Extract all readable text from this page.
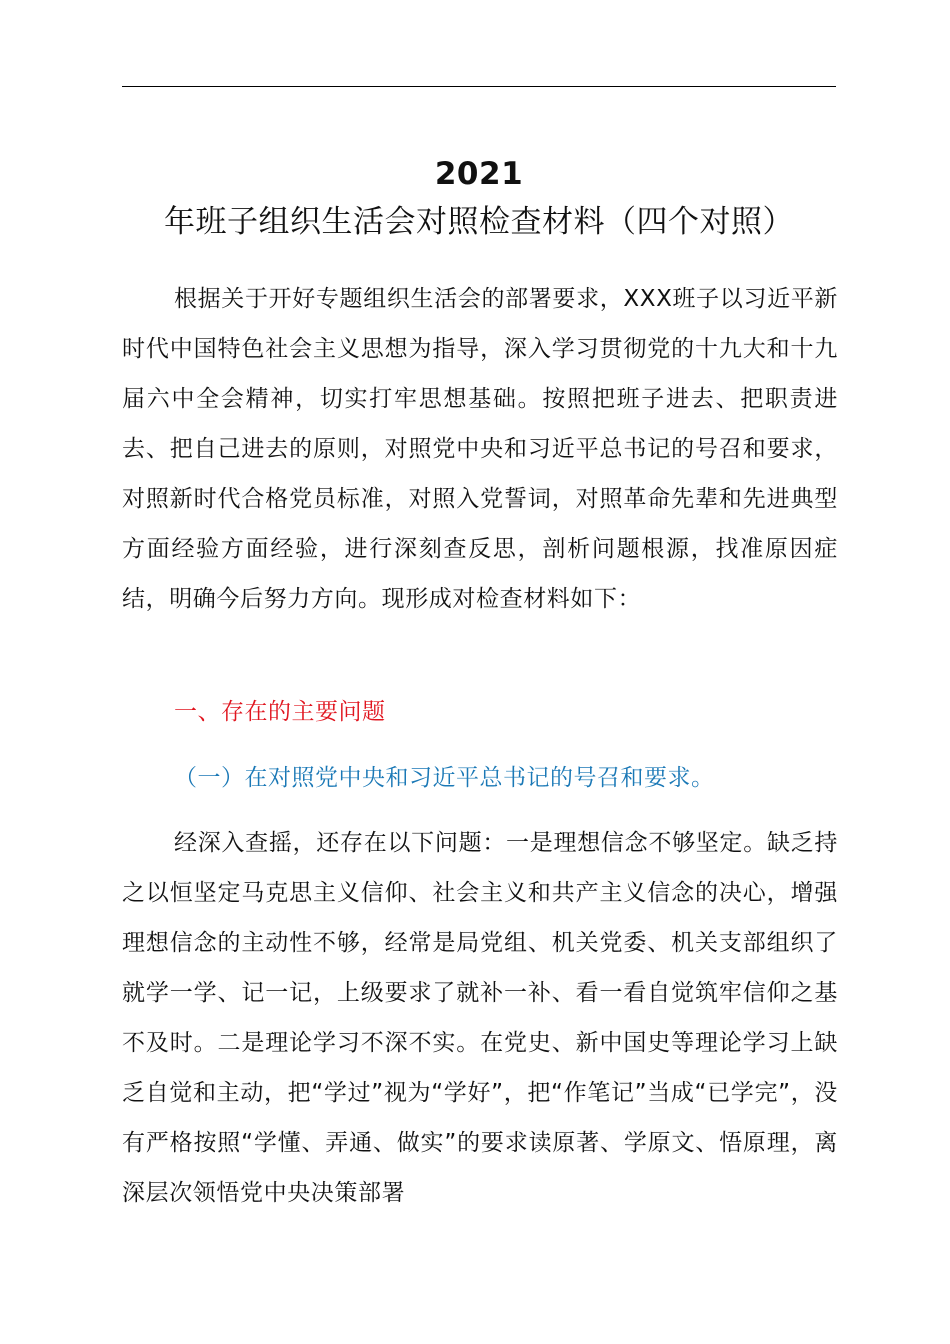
2021 年班子组织生活会对照检查材料（四个对照）

根据关于开好专题组织生活会的部署要求，XXX班子以习近平新时代中国特色社会主义思想为指导，深入学习贯彻党的十九大和十九届六中全会精神，切实打牢思想基础。按照把班子进去、把职责进去、把自己进去的原则，对照党中央和习近平总书记的号召和要求，对照新时代合格党员标准，对照入党誓词，对照革命先辈和先进典型方面经验方面经验，进行深刻查反思，剖析问题根源，找准原因症结，明确今后努力方向。现形成对检查材料如下：

一、存在的主要问题
（一）在对照党中央和习近平总书记的号召和要求。

经深入查摇，还存在以下问题：一是理想信念不够坚定。缺乏持之以恒坚定马克思主义信仰、社会主义和共产主义信念的决心，增强理想信念的主动性不够，经常是局党组、机关党委、机关支部组织了就学一学、记一记，上级要求了就补一补、看一看自觉筑牢信仰之基不及时。二是理论学习不深不实。在党史、新中国史等理论学习上缺乏自觉和主动，把“学过”视为“学好”，把“作笔记”当成“已学完”，没有严格按照“学懂、弄通、做实”的要求读原著、学原文、悟原理，离深层次领悟党中央决策部署
